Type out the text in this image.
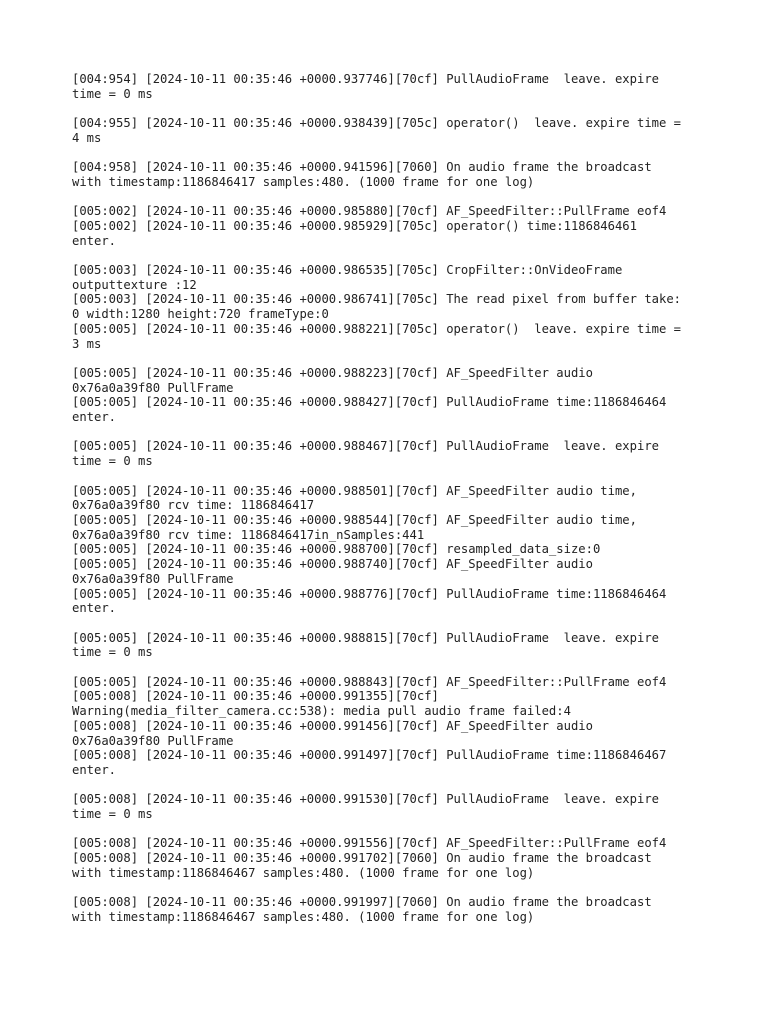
[004:954] [2024-10-11 00:35:46 +0000.937746][70cf] PullAudioFrame  leave. expire
time = 0 ms
[004:955] [2024-10-11 00:35:46 +0000.938439][705c] operator()  leave. expire time =
4 ms
[004:958] [2024-10-11 00:35:46 +0000.941596][7060] On audio frame the broadcast
with timestamp:1186846417 samples:480. (1000 frame for one log)
[005:002] [2024-10-11 00:35:46 +0000.985880][70cf] AF_SpeedFilter::PullFrame eof4
[005:002] [2024-10-11 00:35:46 +0000.985929][705c] operator() time:1186846461
enter.
[005:003] [2024-10-11 00:35:46 +0000.986535][705c] CropFilter::OnVideoFrame
outputtexture :12
[005:003] [2024-10-11 00:35:46 +0000.986741][705c] The read pixel from buffer take:
0 width:1280 height:720 frameType:0
[005:005] [2024-10-11 00:35:46 +0000.988221][705c] operator()  leave. expire time =
3 ms
[005:005] [2024-10-11 00:35:46 +0000.988223][70cf] AF_SpeedFilter audio
0x76a0a39f80 PullFrame
[005:005] [2024-10-11 00:35:46 +0000.988427][70cf] PullAudioFrame time:1186846464
enter.
[005:005] [2024-10-11 00:35:46 +0000.988467][70cf] PullAudioFrame  leave. expire
time = 0 ms
[005:005] [2024-10-11 00:35:46 +0000.988501][70cf] AF_SpeedFilter audio time,
0x76a0a39f80 rcv time: 1186846417
[005:005] [2024-10-11 00:35:46 +0000.988544][70cf] AF_SpeedFilter audio time,
0x76a0a39f80 rcv time: 1186846417in_nSamples:441
[005:005] [2024-10-11 00:35:46 +0000.988700][70cf] resampled_data_size:0
[005:005] [2024-10-11 00:35:46 +0000.988740][70cf] AF_SpeedFilter audio
0x76a0a39f80 PullFrame
[005:005] [2024-10-11 00:35:46 +0000.988776][70cf] PullAudioFrame time:1186846464
enter.
[005:005] [2024-10-11 00:35:46 +0000.988815][70cf] PullAudioFrame  leave. expire
time = 0 ms
[005:005] [2024-10-11 00:35:46 +0000.988843][70cf] AF_SpeedFilter::PullFrame eof4
[005:008] [2024-10-11 00:35:46 +0000.991355][70cf]
Warning(media_filter_camera.cc:538): media pull audio frame failed:4
[005:008] [2024-10-11 00:35:46 +0000.991456][70cf] AF_SpeedFilter audio
0x76a0a39f80 PullFrame
[005:008] [2024-10-11 00:35:46 +0000.991497][70cf] PullAudioFrame time:1186846467
enter.
[005:008] [2024-10-11 00:35:46 +0000.991530][70cf] PullAudioFrame  leave. expire
time = 0 ms
[005:008] [2024-10-11 00:35:46 +0000.991556][70cf] AF_SpeedFilter::PullFrame eof4
[005:008] [2024-10-11 00:35:46 +0000.991702][7060] On audio frame the broadcast
with timestamp:1186846467 samples:480. (1000 frame for one log)
[005:008] [2024-10-11 00:35:46 +0000.991997][7060] On audio frame the broadcast
with timestamp:1186846467 samples:480. (1000 frame for one log)
